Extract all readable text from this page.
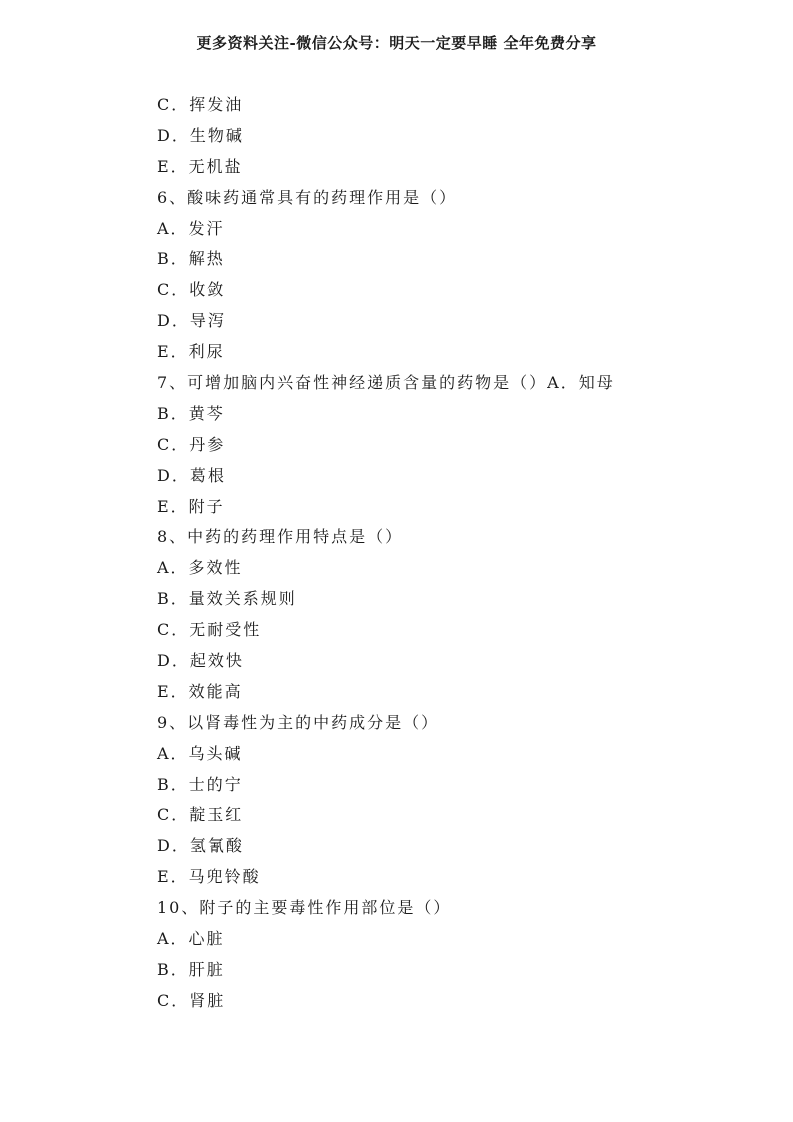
更多资料关注-微信公众号：明天一定要早睡 全年免费分享
C．挥发油
D．生物碱
E．无机盐
6、酸味药通常具有的药理作用是（）
A．发汗
B．解热
C．收敛
D．导泻
E．利尿
7、可增加脑内兴奋性神经递质含量的药物是（）A．知母
B．黄芩
C．丹参
D．葛根
E．附子
8、中药的药理作用特点是（）
A．多效性
B．量效关系规则
C．无耐受性
D．起效快
E．效能高
9、以肾毒性为主的中药成分是（）
A．乌头碱
B．士的宁
C．靛玉红
D．氢氰酸
E．马兜铃酸
10、附子的主要毒性作用部位是（）
A．心脏
B．肝脏
C．肾脏
